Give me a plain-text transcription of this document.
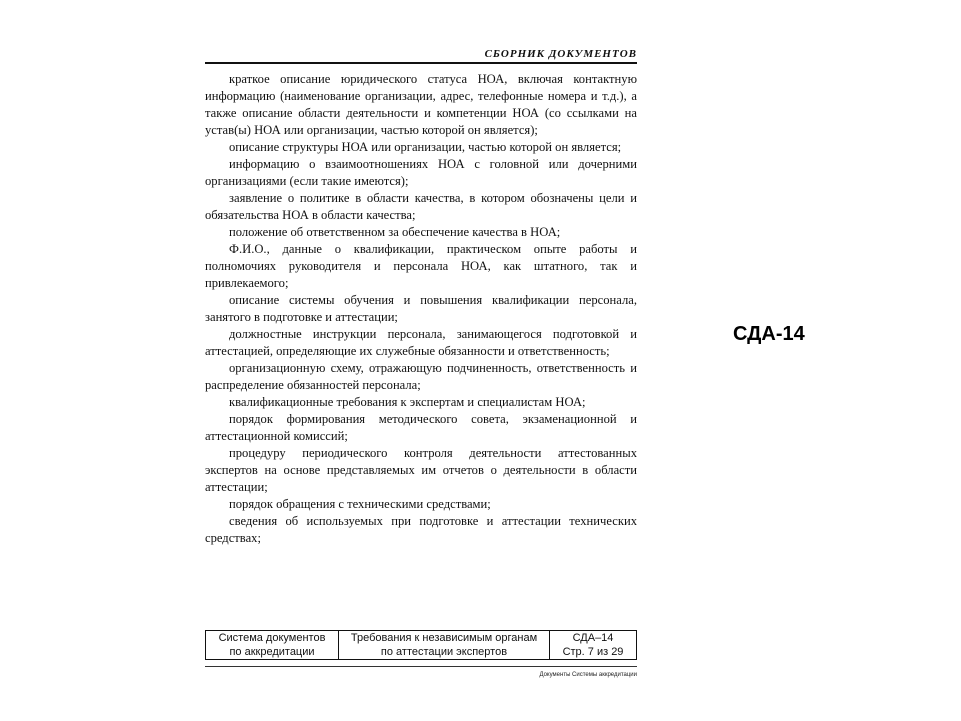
СБОРНИК ДОКУМЕНТОВ

краткое описание юридического статуса НОА, включая контактную информацию (наименование организации, адрес, телефонные номера и т.д.), а также описание области деятельности и компетенции НОА (со ссылками на устав(ы) НОА или организации, частью которой он является);

описание структуры НОА или организации, частью которой он является;

информацию о взаимоотношениях НОА с головной или дочерними организациями (если такие имеются);

заявление о политике в области качества, в котором обозначены цели и обязательства НОА в области качества;

положение об ответственном за обеспечение качества в НОА;

Ф.И.О., данные о квалификации, практическом опыте работы и полномочиях руководителя и персонала НОА, как штатного, так и привлекаемого;

описание системы обучения и повышения квалификации персонала, занятого в подготовке и аттестации;

должностные инструкции персонала, занимающегося подготовкой и аттестацией, определяющие их служебные обязанности и ответственность;

организационную схему, отражающую подчиненность, ответственность и распределение обязанностей персонала;

квалификационные требования к экспертам и специалистам НОА;

порядок формирования методического совета, экзаменационной и аттестационной комиссий;

процедуру периодического контроля деятельности аттестованных экспертов на основе представляемых им отчетов о деятельности в области аттестации;

порядок обращения с техническими средствами;

сведения об используемых при подготовке и аттестации технических средствах;

Система документов
по аккредитации

Требования к независимым органам
по аттестации экспертов

СДА–14
Стр. 7 из 29
Документы Системы аккредитации
СДА-14
